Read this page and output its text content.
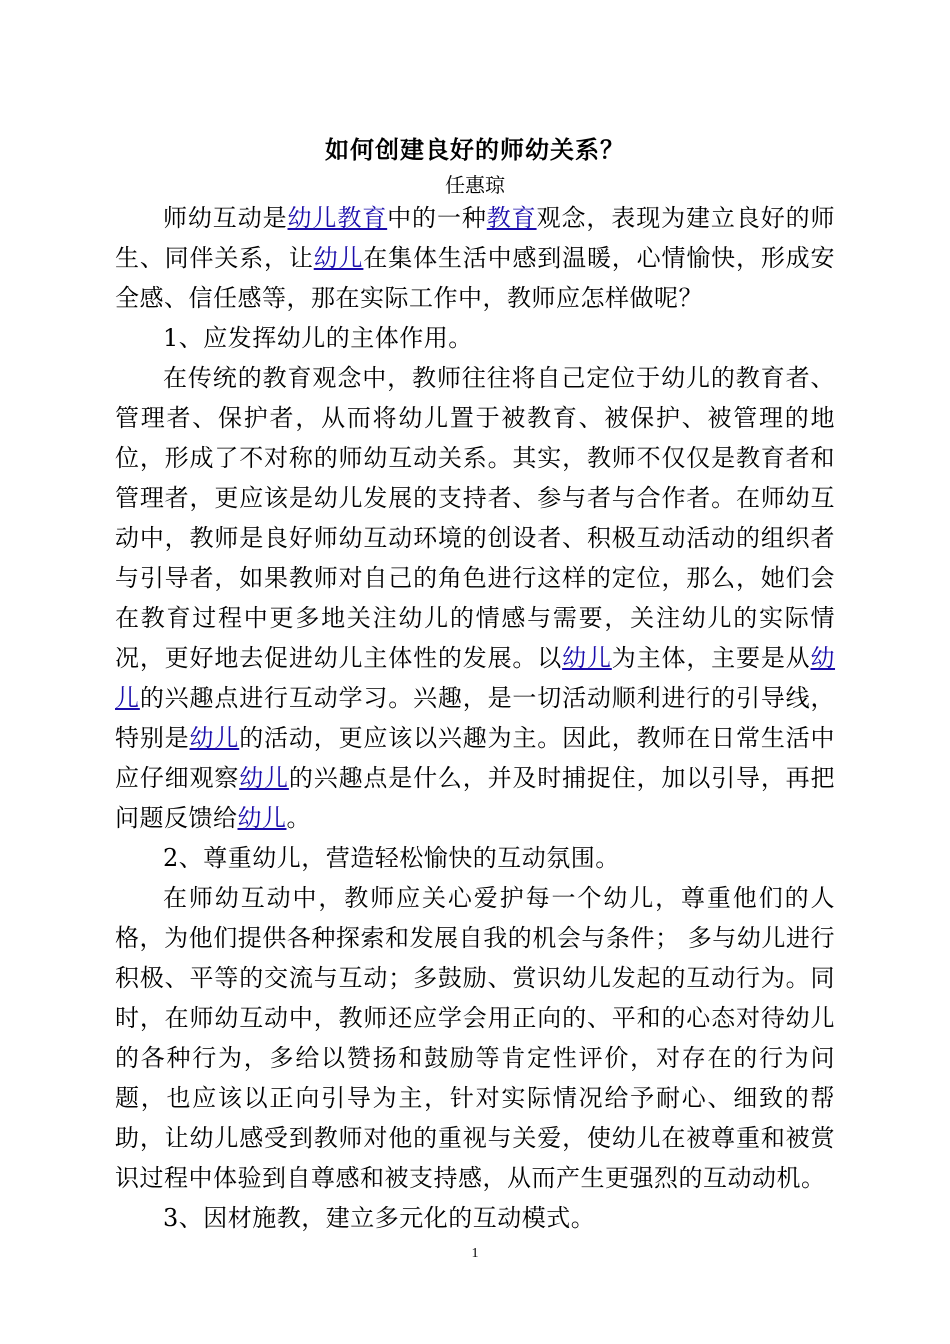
如何创建良好的师幼关系？

任惠琼

师幼互动是幼儿教育中的一种教育观念，表现为建立良好的师生、同伴关系，让幼儿在集体生活中感到温暖，心情愉快，形成安全感、信任感等，那在实际工作中，教师应怎样做呢？

1、应发挥幼儿的主体作用。

在传统的教育观念中，教师往往将自己定位于幼儿的教育者、管理者、保护者，从而将幼儿置于被教育、被保护、被管理的地位，形成了不对称的师幼互动关系。其实，教师不仅仅是教育者和管理者，更应该是幼儿发展的支持者、参与者与合作者。在师幼互动中，教师是良好师幼互动环境的创设者、积极互动活动的组织者与引导者，如果教师对自己的角色进行这样的定位，那么，她们会在教育过程中更多地关注幼儿的情感与需要，关注幼儿的实际情况，更好地去促进幼儿主体性的发展。以幼儿为主体，主要是从幼儿的兴趣点进行互动学习。兴趣，是一切活动顺利进行的引导线，特别是幼儿的活动，更应该以兴趣为主。因此，教师在日常生活中应仔细观察幼儿的兴趣点是什么，并及时捕捉住，加以引导，再把问题反馈给幼儿。

2、尊重幼儿，营造轻松愉快的互动氛围。

在师幼互动中，教师应关心爱护每一个幼儿，尊重他们的人格，为他们提供各种探索和发展自我的机会与条件； 多与幼儿进行积极、平等的交流与互动；多鼓励、赏识幼儿发起的互动行为。同时，在师幼互动中，教师还应学会用正向的、平和的心态对待幼儿的各种行为，多给以赞扬和鼓励等肯定性评价，对存在的行为问题，也应该以正向引导为主，针对实际情况给予耐心、细致的帮助，让幼儿感受到教师对他的重视与关爱，使幼儿在被尊重和被赏识过程中体验到自尊感和被支持感，从而产生更强烈的互动动机。

3、因材施教，建立多元化的互动模式。

1
